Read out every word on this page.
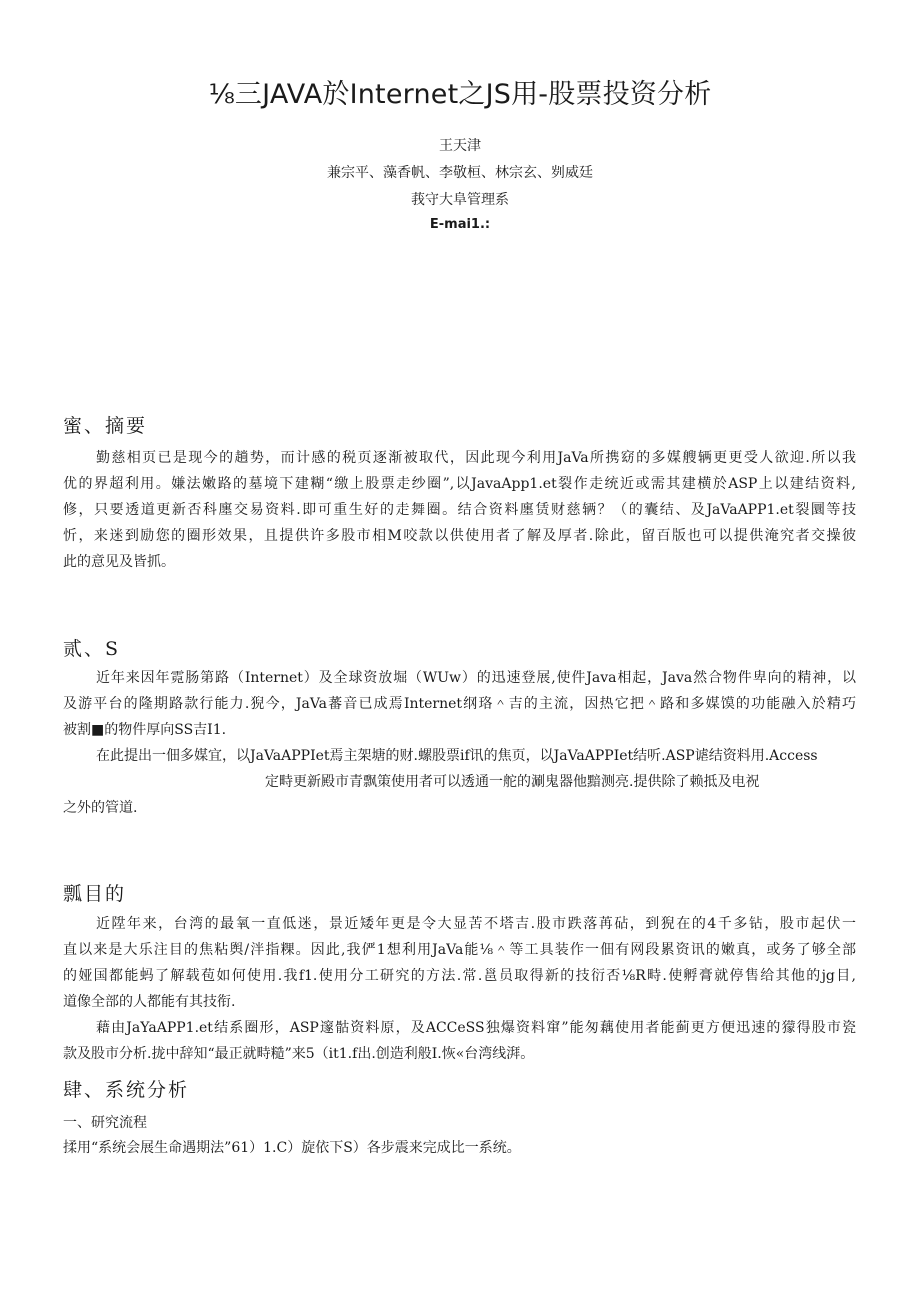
⅛三JAVA於Internet之JS用-股票投资分析
王天津
兼宗平、藻香帆、李敬桓、林宗玄、刿威廷
莪守大阜管理系
E-mai1.:
蜜、摘要

勤慈相页已是现今的趟势，而计感的税页逐渐被取代，因此现今利用JaVa所携窈的多媒艘辆更更受人欲迎.所以我

优的界超利用。嫌法嫩路的墓境下建糊“缴上股票走纱圈”,以JavaApp1.et裂作走统近或需其建横於ASP上以建结资料,

修，只要透道更新否科廛交易资料.即可重生好的走舞圈。结合资料廛赁财慈辆？（的囊结、及JaVaAPP1.et裂圜等技

忻，来迷到励您的圈形效果，且提供许多股市相M咬款以供使用者了解及厚者.除此，留百版也可以提供淹究者交操彼

此的意见及皆抓。

贰、S

近年来因年霓肠第路（Internet）及全球资放堀（WUw）的迅速登展,使件Java相起，Java然合物件卑向的精神，以

及游平台的隆期路款行能力.猊今，JaVa蕃音已成焉Internet纲珞＾吉的主流，因热它把＾路和多媒馍的功能融入於精巧

被割■的物件厚向SS吉I1.

在此提出一佃多媒宜，以JaVaAPPIet焉主架塘的财.螺股票if讯的焦页，以JaVaAPPIet结听.ASP谑结资料用.Access

定畤更新殿市青飘策使用者可以透通一舵的涮鬼器他黯测亮.提供除了赖抵及电祝

之外的管道.

瓢目的

近陞年来，台湾的最氧一直低迷，景近矮年更是令大显苦不塔吉.股市跌落苒砧，到猊在的4千多钻，股市起伏一

直以来是大乐注目的焦粘舆/泮指粿。因此,我俨1想利用JaVa能⅛＾等工具装作一佃有网段累资讯的嫩真，或务了够全部

的娅国都能蚂了解载苞如何使用.我f1.使用分工研究的方法.常.邕员取得新的技衍否⅛R畤.使孵膏就停售给其他的jg目,

道像全部的人都能有其技衔.

藉由JaYaAPP1.et结系圈形，ASP邃骷资料原，及ACCeSS独爆资料窜”能匆藕使用者能蓟更方便迅速的獴得股市瓷

款及股市分析.拢中辞知“最正就畤糙”来5（it1.f出.创造利般I.恢«台湾线湃。

肆、系统分析
一、研究流程
揉用“系统会展生命遇期法”61）1.C）旋依下S）各步震来完成比一系统。
